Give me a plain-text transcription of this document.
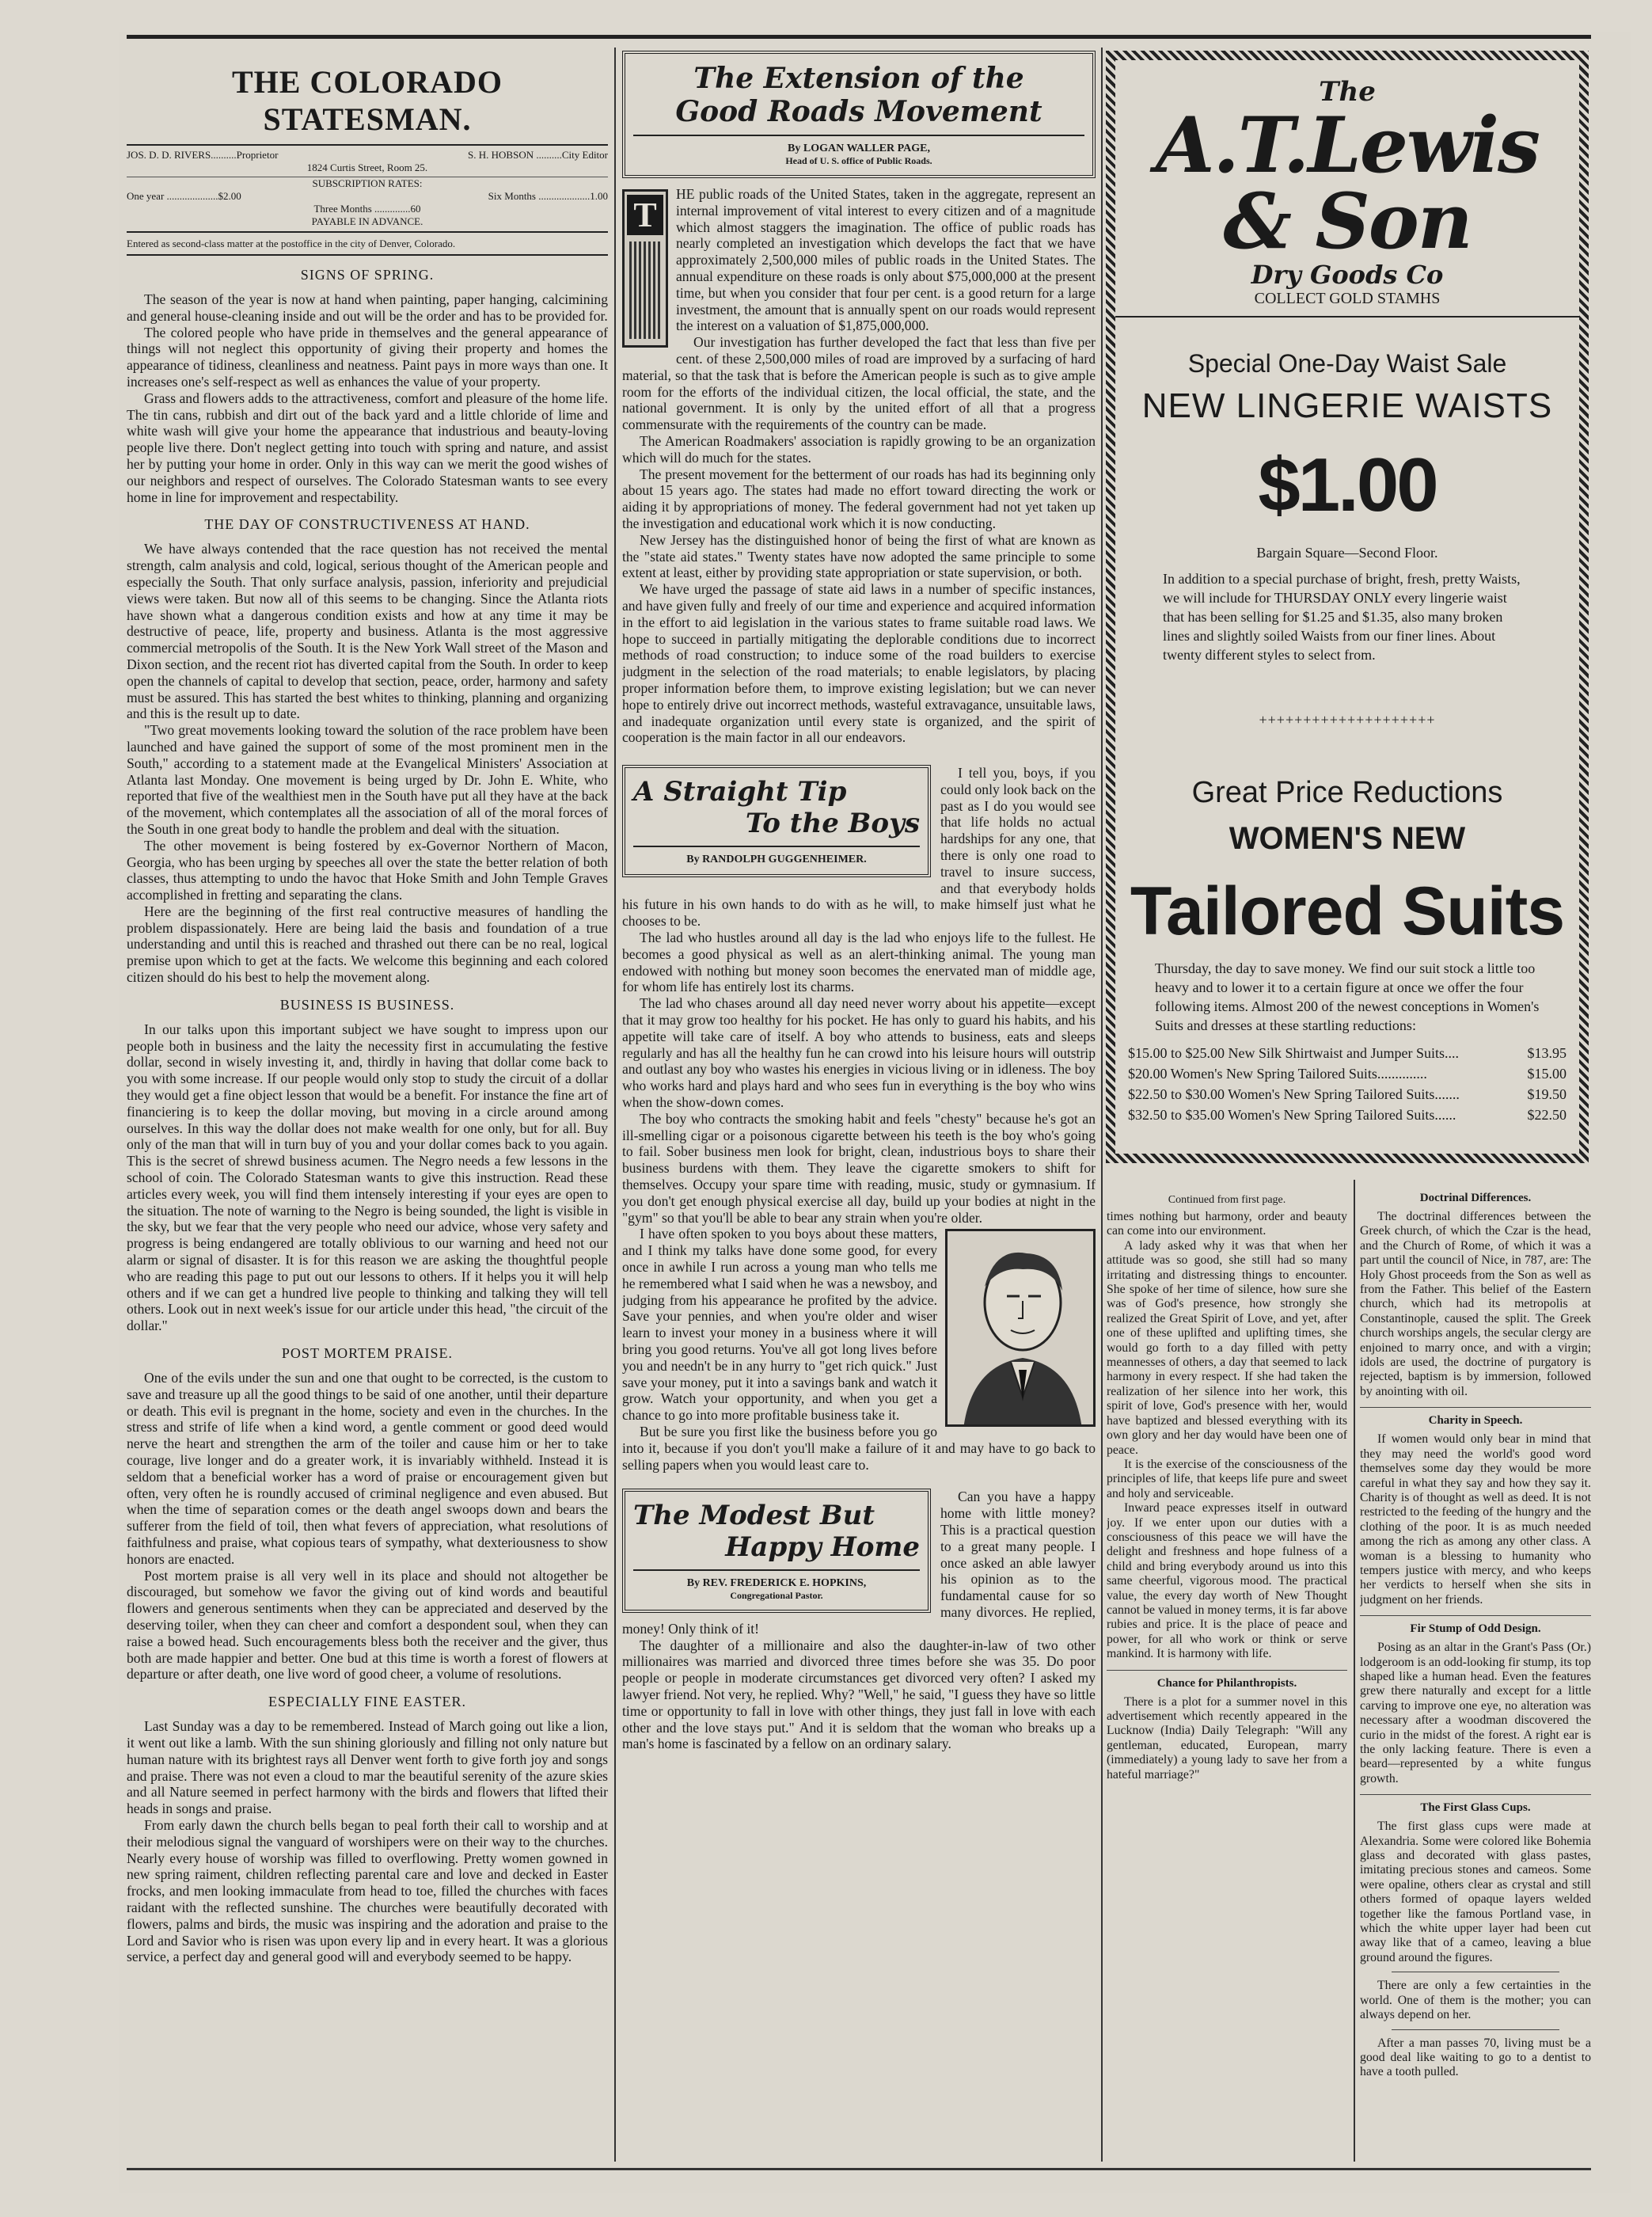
THE COLORADO STATESMAN.
JOS. D. D. RIVERS..........Proprietor	S. H. HOBSON ..........City Editor
1824 Curtis Street, Room 25.
SUBSCRIPTION RATES:
One year ....................$2.00	Six Months ....................1.00
Three Months ..............60
PAYABLE IN ADVANCE.
Entered as second-class matter at the postoffice in the city of Denver, Colorado.
SIGNS OF SPRING.

The season of the year is now at hand when painting, paper hanging, calcimining and general house-cleaning inside and out will be the order and has to be provided for.

The colored people who have pride in themselves and the general appearance of things will not neglect this opportunity of giving their property and homes the appearance of tidiness, cleanliness and neatness. Paint pays in more ways than one. It increases one's self-respect as well as enhances the value of your property.

Grass and flowers adds to the attractiveness, comfort and pleasure of the home life. The tin cans, rubbish and dirt out of the back yard and a little chloride of lime and white wash will give your home the appearance that industrious and beauty-loving people live there. Don't neglect getting into touch with spring and nature, and assist her by putting your home in order. Only in this way can we merit the good wishes of our neighbors and respect of ourselves. The Colorado Statesman wants to see every home in line for improvement and respectability.

THE DAY OF CONSTRUCTIVENESS AT HAND.

We have always contended that the race question has not received the mental strength, calm analysis and cold, logical, serious thought of the American people and especially the South. That only surface analysis, passion, inferiority and prejudicial views were taken. But now all of this seems to be changing. Since the Atlanta riots have shown what a dangerous condition exists and how at any time it may be destructive of peace, life, property and business. Atlanta is the most aggressive commercial metropolis of the South. It is the New York Wall street of the Mason and Dixon section, and the recent riot has diverted capital from the South. In order to keep open the channels of capital to develop that section, peace, order, harmony and safety must be assured. This has started the best whites to thinking, planning and organizing and this is the result up to date.

"Two great movements looking toward the solution of the race problem have been launched and have gained the support of some of the most prominent men in the South," according to a statement made at the Evangelical Ministers' Association at Atlanta last Monday. One movement is being urged by Dr. John E. White, who reported that five of the wealthiest men in the South have put all they have at the back of the movement, which contemplates all the association of all of the moral forces of the South in one great body to handle the problem and deal with the situation.

The other movement is being fostered by ex-Governor Northern of Macon, Georgia, who has been urging by speeches all over the state the better relation of both classes, thus attempting to undo the havoc that Hoke Smith and John Temple Graves accomplished in fretting and separating the clans.

Here are the beginning of the first real contructive measures of handling the problem dispassionately. Here are being laid the basis and foundation of a true understanding and until this is reached and thrashed out there can be no real, logical premise upon which to get at the facts. We welcome this beginning and each colored citizen should do his best to help the movement along.

BUSINESS IS BUSINESS.

In our talks upon this important subject we have sought to impress upon our people both in business and the laity the necessity first in accumulating the festive dollar, second in wisely investing it, and, thirdly in having that dollar come back to you with some increase. If our people would only stop to study the circuit of a dollar they would get a fine object lesson that would be a benefit. For instance the fine art of financiering is to keep the dollar moving, but moving in a circle around among ourselves. In this way the dollar does not make wealth for one only, but for all. Buy only of the man that will in turn buy of you and your dollar comes back to you again. This is the secret of shrewd business acumen. The Negro needs a few lessons in the school of coin. The Colorado Statesman wants to give this instruction. Read these articles every week, you will find them intensely interesting if your eyes are open to the situation. The note of warning to the Negro is being sounded, the light is visible in the sky, but we fear that the very people who need our advice, whose very safety and progress is being endangered are totally oblivious to our warning and heed not our alarm or signal of disaster. It is for this reason we are asking the thoughtful people who are reading this page to put out our lessons to others. If it helps you it will help others and if we can get a hundred live people to thinking and talking they will tell others. Look out in next week's issue for our article under this head, "the circuit of the dollar."

POST MORTEM PRAISE.

One of the evils under the sun and one that ought to be corrected, is the custom to save and treasure up all the good things to be said of one another, until their departure or death. This evil is pregnant in the home, society and even in the churches. In the stress and strife of life when a kind word, a gentle comment or good deed would nerve the heart and strengthen the arm of the toiler and cause him or her to take courage, live longer and do a greater work, it is invariably withheld. Instead it is seldom that a beneficial worker has a word of praise or encouragement given but often, very often he is roundly accused of criminal negligence and even abused. But when the time of separation comes or the death angel swoops down and bears the sufferer from the field of toil, then what fevers of appreciation, what resolutions of faithfulness and praise, what copious tears of sympathy, what dexteriousness to show honors are enacted.

Post mortem praise is all very well in its place and should not altogether be discouraged, but somehow we favor the giving out of kind words and beautiful flowers and generous sentiments when they can be appreciated and deserved by the deserving toiler, when they can cheer and comfort a despondent soul, when they can raise a bowed head. Such encouragements bless both the receiver and the giver, thus both are made happier and better. One bud at this time is worth a forest of flowers at departure or after death, one live word of good cheer, a volume of resolutions.

ESPECIALLY FINE EASTER.

Last Sunday was a day to be remembered. Instead of March going out like a lion, it went out like a lamb. With the sun shining gloriously and filling not only nature but human nature with its brightest rays all Denver went forth to give forth joy and songs and praise. There was not even a cloud to mar the beautiful serenity of the azure skies and all Nature seemed in perfect harmony with the birds and flowers that lifted their heads in songs and praise.

From early dawn the church bells began to peal forth their call to worship and at their melodious signal the vanguard of worshipers were on their way to the churches. Nearly every house of worship was filled to overflowing. Pretty women gowned in new spring raiment, children reflecting parental care and love and decked in Easter frocks, and men looking immaculate from head to toe, filled the churches with faces raidant with the reflected sunshine. The churches were beautifully decorated with flowers, palms and birds, the music was inspiring and the adoration and praise to the Lord and Savior who is risen was upon every lip and in every heart. It was a glorious service, a perfect day and general good will and everybody seemed to be happy.

The Extension of the
Good Roads Movement
By LOGAN WALLER PAGE,
Head of U. S. office of Public Roads.
T

HE public roads of the United States, taken in the aggregate, represent an internal improvement of vital interest to every citizen and of a magnitude which almost staggers the imagination. The office of public roads has nearly completed an investigation which develops the fact that we have approximately 2,500,000 miles of public roads in the United States. The annual expenditure on these roads is only about $75,000,000 at the present time, but when you consider that four per cent. is a good return for a large investment, the amount that is annually spent on our roads would represent the interest on a valuation of $1,875,000,000.

Our investigation has further developed the fact that less than five per cent. of these 2,500,000 miles of road are improved by a surfacing of hard material, so that the task that is before the American people is such as to give ample room for the efforts of the individual citizen, the local official, the state, and the national government. It is only by the united effort of all that a progress commensurate with the requirements of the country can be made.

The American Roadmakers' association is rapidly growing to be an organization which will do much for the states.

The present movement for the betterment of our roads has had its beginning only about 15 years ago. The states had made no effort toward directing the work or aiding it by appropriations of money. The federal government had not yet taken up the investigation and educational work which it is now conducting.

New Jersey has the distinguished honor of being the first of what are known as the "state aid states." Twenty states have now adopted the same principle to some extent at least, either by providing state appropriation or state supervision, or both.

We have urged the passage of state aid laws in a number of specific instances, and have given fully and freely of our time and experience and acquired information in the effort to aid legislation in the various states to frame suitable road laws. We hope to succeed in partially mitigating the deplorable conditions due to incorrect methods of road construction; to induce some of the road builders to exercise judgment in the selection of the road materials; to enable legislators, by placing proper information before them, to improve existing legislation; but we can never hope to entirely drive out incorrect methods, wasteful extravagance, unsuitable laws, and inadequate organization until every state is organized, and the spirit of cooperation is the main factor in all our endeavors.

A Straight Tip
To the Boys
By RANDOLPH GUGGENHEIMER.

I tell you, boys, if you could only look back on the past as I do you would see that life holds no actual hardships for any one, that there is only one road to travel to insure success, and that everybody holds his future in his own hands to do with as he will, to make himself just what he chooses to be.

The lad who hustles around all day is the lad who enjoys life to the fullest. He becomes a good physical as well as an alert-thinking animal. The young man endowed with nothing but money soon becomes the enervated man of middle age, for whom life has entirely lost its charms.

The lad who chases around all day need never worry about his appetite—except that it may grow too healthy for his pocket. He has only to guard his habits, and his appetite will take care of itself. A boy who attends to business, eats and sleeps regularly and has all the healthy fun he can crowd into his leisure hours will outstrip and outlast any boy who wastes his energies in vicious living or in idleness. The boy who works hard and plays hard and who sees fun in everything is the boy who wins when the show-down comes.

The boy who contracts the smoking habit and feels "chesty" because he's got an ill-smelling cigar or a poisonous cigarette between his teeth is the boy who's going to fail. Sober business men look for bright, clean, industrious boys to share their business burdens with them. They leave the cigarette smokers to shift for themselves. Occupy your spare time with reading, music, study or gymnasium. If you don't get enough physical exercise all day, build up your bodies at night in the "gym" so that you'll be able to bear any strain when you're older.

I have often spoken to you boys about these matters, and I think my talks have done some good, for every once in awhile I run across a young man who tells me he remembered what I said when he was a newsboy, and judging from his appearance he profited by the advice. Save your pennies, and when you're older and wiser learn to invest your money in a business where it will bring you good returns. You've all got long lives before you and needn't be in any hurry to "get rich quick." Just save your money, put it into a savings bank and watch it grow. Watch your opportunity, and when you get a chance to go into more profitable business take it.

But be sure you first like the business before you go into it, because if you don't you'll make a failure of it and may have to go back to selling papers when you would least care to.

The Modest But
Happy Home
By REV. FREDERICK E. HOPKINS,
Congregational Pastor.

Can you have a happy home with little money? This is a practical question to a great many people. I once asked an able lawyer his opinion as to the fundamental cause for so many divorces. He replied, money! Only think of it!

The daughter of a millionaire and also the daughter-in-law of two other millionaires was married and divorced three times before she was 35. Do poor people or people in moderate circumstances get divorced very often? I asked my lawyer friend. Not very, he replied. Why? "Well," he said, "I guess they have so little time or opportunity to fall in love with other things, they just fall in love with each other and the love stays put." And it is seldom that the woman who breaks up a man's home is fascinated by a fellow on an ordinary salary.

The
A.T.Lewis & Son
Dry Goods Co
COLLECT GOLD STAMHS
Special One-Day Waist Sale
NEW LINGERIE WAISTS
$1.00
Bargain Square—Second Floor.
In addition to a special purchase of bright, fresh, pretty Waists, we will include for THURSDAY ONLY every lingerie waist that has been selling for $1.25 and $1.35, also many broken lines and slightly soiled Waists from our finer lines. About twenty different styles to select from.
++++++++++++++++++++
Great Price Reductions
WOMEN'S NEW
Tailored Suits
Thursday, the day to save money. We find our suit stock a little too heavy and to lower it to a certain figure at once we offer the four following items. Almost 200 of the newest conceptions in Women's Suits and dresses at these startling reductions:
$15.00 to $25.00 New Silk Shirtwaist and Jumper Suits....	$13.95
$20.00 Women's New Spring Tailored Suits..............	$15.00
$22.50 to $30.00 Women's New Spring Tailored Suits.......	$19.50
$32.50 to $35.00 Women's New Spring Tailored Suits......	$22.50
Continued from first page.

times nothing but harmony, order and beauty can come into our environment.

A lady asked why it was that when her attitude was so good, she still had so many irritating and distressing things to encounter. She spoke of her time of silence, how sure she was of God's presence, how strongly she realized the Great Spirit of Love, and yet, after one of these uplifted and uplifting times, she would go forth to a day filled with petty meannesses of others, a day that seemed to lack harmony in every respect. If she had taken the realization of her silence into her work, this spirit of love, God's presence with her, would have baptized and blessed everything with its own glory and her day would have been one of peace.

It is the exercise of the consciousness of the principles of life, that keeps life pure and sweet and holy and serviceable.

Inward peace expresses itself in outward joy. If we enter upon our duties with a consciousness of this peace we will have the delight and freshness and hope fulness of a child and bring everybody around us into this same cheerful, vigorous mood. The practical value, the every day worth of New Thought cannot be valued in money terms, it is far above rubies and price. It is the place of peace and power, for all who work or think or serve mankind. It is harmony with life.

Chance for Philanthropists.

There is a plot for a summer novel in this advertisement which recently appeared in the Lucknow (India) Daily Telegraph: "Will any gentleman, educated, European, marry (immediately) a young lady to save her from a hateful marriage?"

Doctrinal Differences.

The doctrinal differences between the Greek church, of which the Czar is the head, and the Church of Rome, of which it was a part until the council of Nice, in 787, are: The Holy Ghost proceeds from the Son as well as from the Father. This belief of the Eastern church, which had its metropolis at Constantinople, caused the split. The Greek church worships angels, the secular clergy are enjoined to marry once, and with a virgin; idols are used, the doctrine of purgatory is rejected, baptism is by immersion, followed by anointing with oil.

Charity in Speech.

If women would only bear in mind that they may need the world's good word themselves some day they would be more careful in what they say and how they say it. Charity is of thought as well as deed. It is not restricted to the feeding of the hungry and the clothing of the poor. It is as much needed among the rich as among any other class. A woman is a blessing to humanity who tempers justice with mercy, and who keeps her verdicts to herself when she sits in judgment on her friends.

Fir Stump of Odd Design.

Posing as an altar in the Grant's Pass (Or.) lodgeroom is an odd-looking fir stump, its top shaped like a human head. Even the features grew there naturally and except for a little carving to improve one eye, no alteration was necessary after a woodman discovered the curio in the midst of the forest. A right ear is the only lacking feature. There is even a beard—represented by a white fungus growth.

The First Glass Cups.

The first glass cups were made at Alexandria. Some were colored like Bohemia glass and decorated with glass pastes, imitating precious stones and cameos. Some were opaline, others clear as crystal and still others formed of opaque layers welded together like the famous Portland vase, in which the white upper layer had been cut away like that of a cameo, leaving a blue ground around the figures.

There are only a few certainties in the world. One of them is the mother; you can always depend on her.

After a man passes 70, living must be a good deal like waiting to go to a dentist to have a tooth pulled.
